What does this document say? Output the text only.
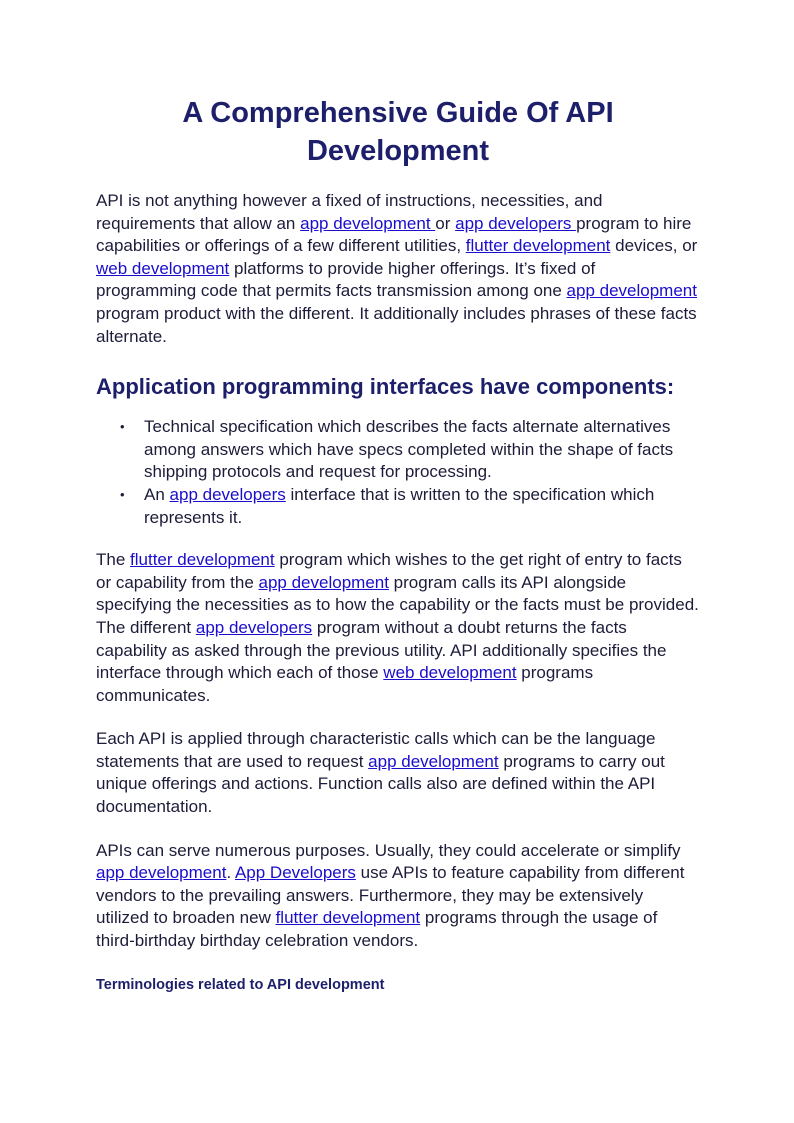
A Comprehensive Guide Of API Development

API is not anything however a fixed of instructions, necessities, and requirements that allow an app development or app developers program to hire capabilities or offerings of a few different utilities, flutter development devices, or web development platforms to provide higher offerings. It’s fixed of programming code that permits facts transmission among one app development program product with the different. It additionally includes phrases of these facts alternate.

Application programming interfaces have components:
• Technical specification which describes the facts alternate alternatives among answers which have specs completed within the shape of facts shipping protocols and request for processing.
• An app developers interface that is written to the specification which represents it.

The flutter development program which wishes to the get right of entry to facts or capability from the app development program calls its API alongside specifying the necessities as to how the capability or the facts must be provided. The different app developers program without a doubt returns the facts capability as asked through the previous utility. API additionally specifies the interface through which each of those web development programs communicates.

Each API is applied through characteristic calls which can be the language statements that are used to request app development programs to carry out unique offerings and actions. Function calls also are defined within the API documentation.

APIs can serve numerous purposes. Usually, they could accelerate or simplify app development. App Developers use APIs to feature capability from different vendors to the prevailing answers. Furthermore, they may be extensively utilized to broaden new flutter development programs through the usage of third-birthday birthday celebration vendors.

Terminologies related to API development
